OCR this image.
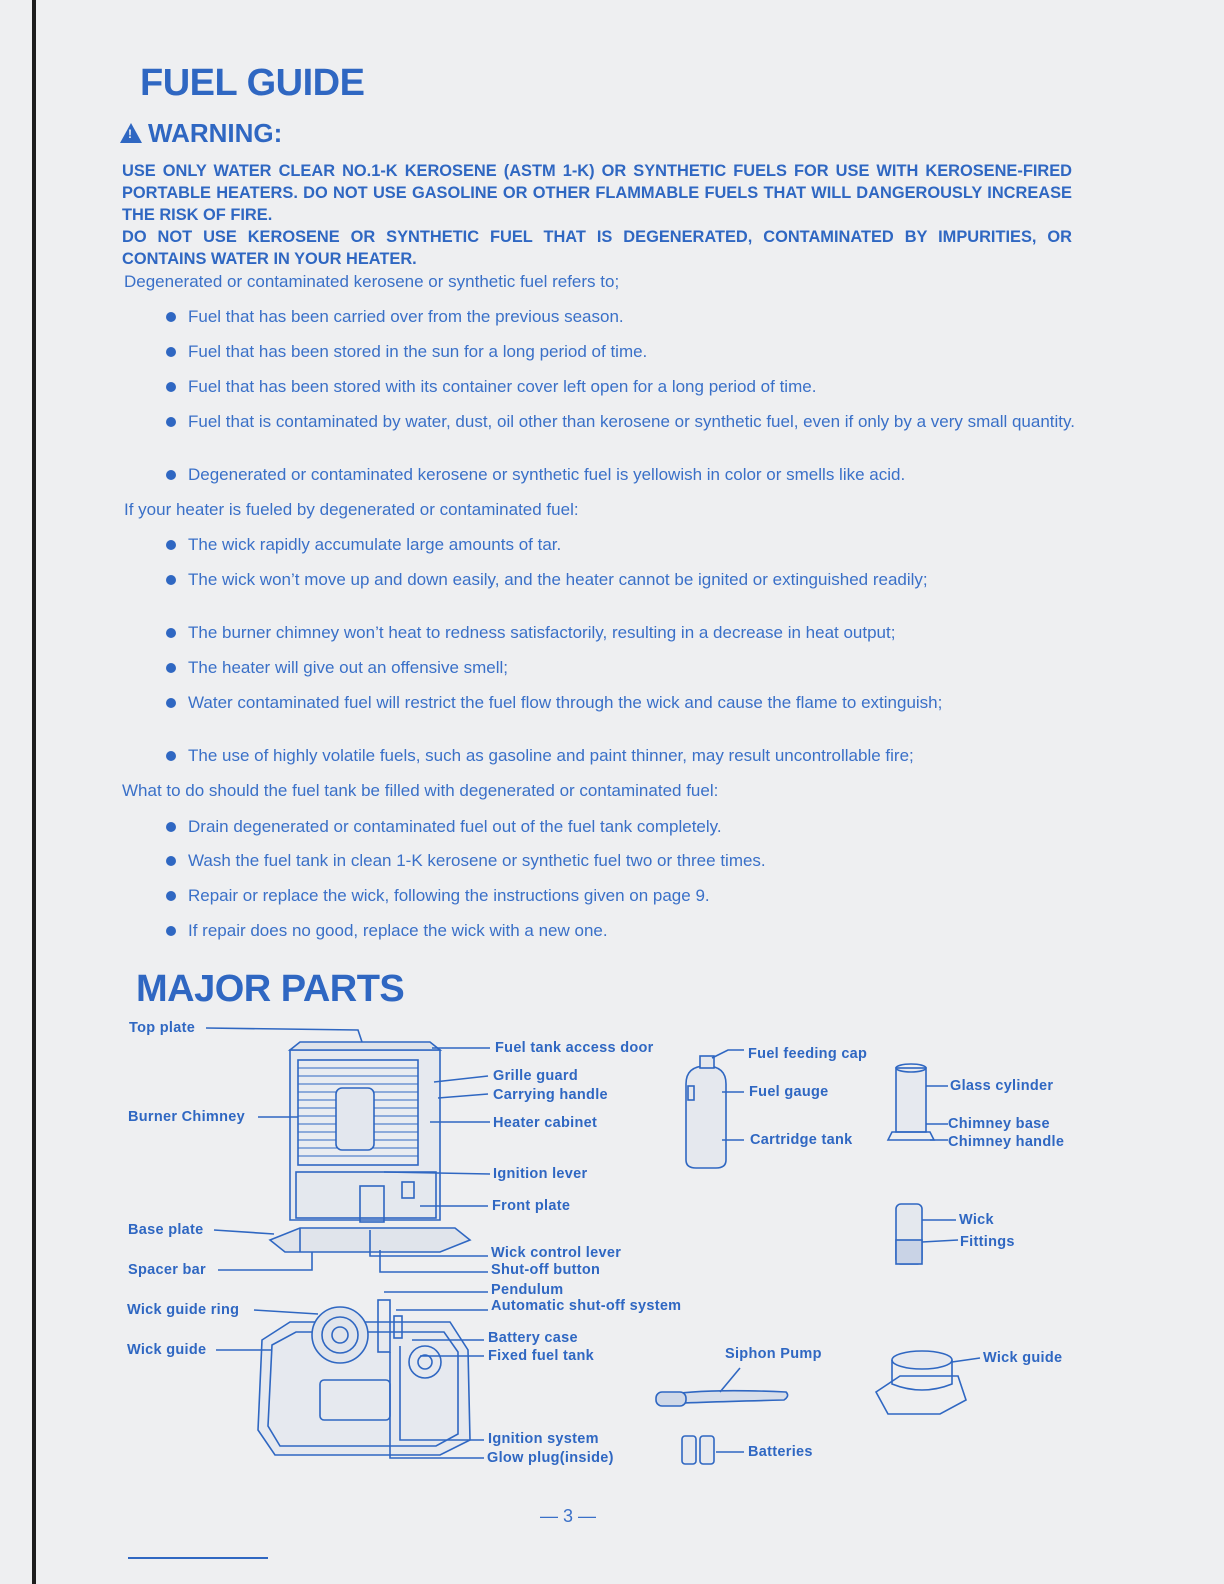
FUEL GUIDE
!WARNING:

USE ONLY WATER CLEAR NO.1-K KEROSENE (ASTM 1-K) OR SYNTHETIC FUELS FOR USE WITH KEROSENE-FIRED PORTABLE HEATERS. DO NOT USE GASOLINE OR OTHER FLAMMABLE FUELS THAT WILL DANGEROUSLY INCREASE THE RISK OF FIRE.

DO NOT USE KEROSENE OR SYNTHETIC FUEL THAT IS DEGENERATED, CONTAMINATED BY IMPURITIES, OR CONTAINS WATER IN YOUR HEATER.

Degenerated or contaminated kerosene or synthetic fuel refers to;

Fuel that has been carried over from the previous season.
Fuel that has been stored in the sun for a long period of time.
Fuel that has been stored with its container cover left open for a long period of time.
Fuel that is contaminated by water, dust, oil other than kerosene or synthetic fuel, even if only by a very small quantity.
Degenerated or contaminated kerosene or synthetic fuel is yellowish in color or smells like acid.

If your heater is fueled by degenerated or contaminated fuel:

The wick rapidly accumulate large amounts of tar.
The wick won’t move up and down easily, and the heater cannot be ignited or extinguished readily;
The burner chimney won’t heat to redness satisfactorily, resulting in a decrease in heat output;
The heater will give out an offensive smell;
Water contaminated fuel will restrict the fuel flow through the wick and cause the flame to extinguish;
The use of highly volatile fuels, such as gasoline and paint thinner, may result uncontrollable fire;

What to do should the fuel tank be filled with degenerated or contaminated fuel:

Drain degenerated or contaminated fuel out of the fuel tank completely.
Wash the fuel tank in clean 1-K kerosene or synthetic fuel two or three times.
Repair or replace the wick, following the instructions given on page 9.
If repair does no good, replace the wick with a new one.
MAJOR PARTS
Top plate
Burner Chimney
Base plate
Spacer bar
Wick guide ring
Wick guide
Fuel tank access door
Grille guard
Carrying handle
Heater cabinet
Ignition lever
Front plate
Wick control lever
Shut-off button
Pendulum
Automatic shut-off system
Battery case
Fixed fuel tank
Ignition system
Glow plug(inside)
Fuel feeding cap
Fuel gauge
Cartridge tank
Glass cylinder
Chimney base
Chimney handle
Wick
Fittings
Siphon Pump	Wick guide
Batteries
— 3 —
